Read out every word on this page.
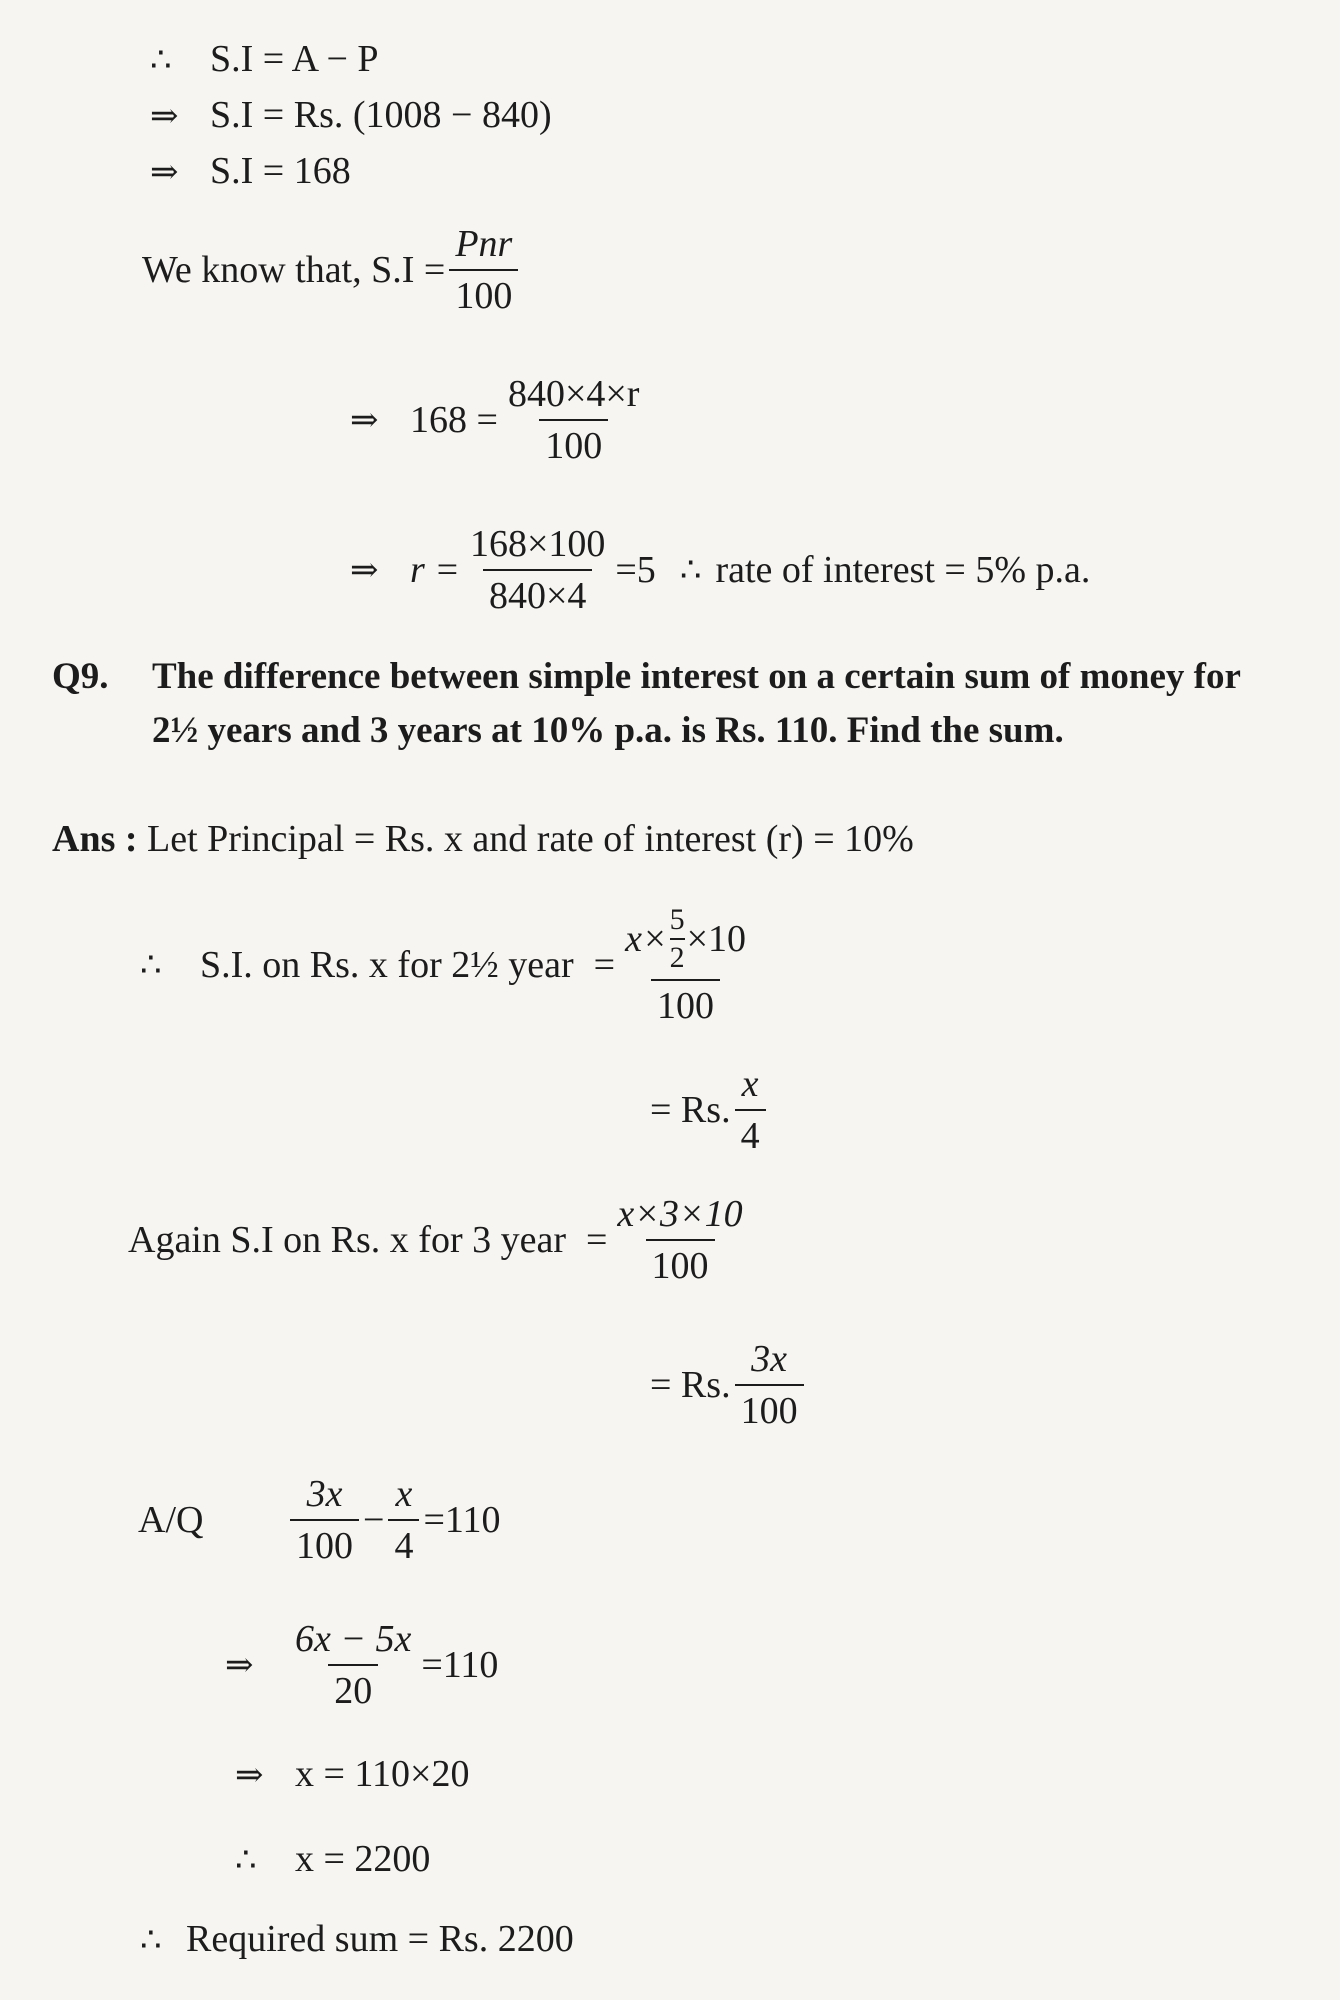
∴ S.I = A − P
⇒ S.I = Rs. (1008 − 840)
⇒ S.I = 168
We know that, $S.I = \frac{\text{Pnr}}{100}$
⇒ $168 = \frac{840\times 4\times r}{100}$
⇒ $r = \frac{168\times 100}{840\times 4} =5$ ∴ rate of interest = 5% p.a.
Q9. The difference between simple interest on a certain sum of money for 2½ years and 3 years at 10% p.a. is Rs. 110. Find the sum.
Ans : Let Principal = Rs. x and rate of interest (r) = 10%
∴	S.I. on Rs. x for 2½ year = $\frac{x\times \frac{5}{2} \times 10}{100}$
= Rs. $\frac{x}{4}$
Again S.I on Rs. x for 3 year = $\frac{x\times 3\times 10}{100}$
= Rs. $\frac{3x}{100}$
A/Q	$\frac{3x}{100} - \frac{x}{4} =110$
⇒ $\frac{6x - 5x}{20} =110$
⇒ x = 110×20
∴ x = 2200
∴ Required sum = Rs. 2200
